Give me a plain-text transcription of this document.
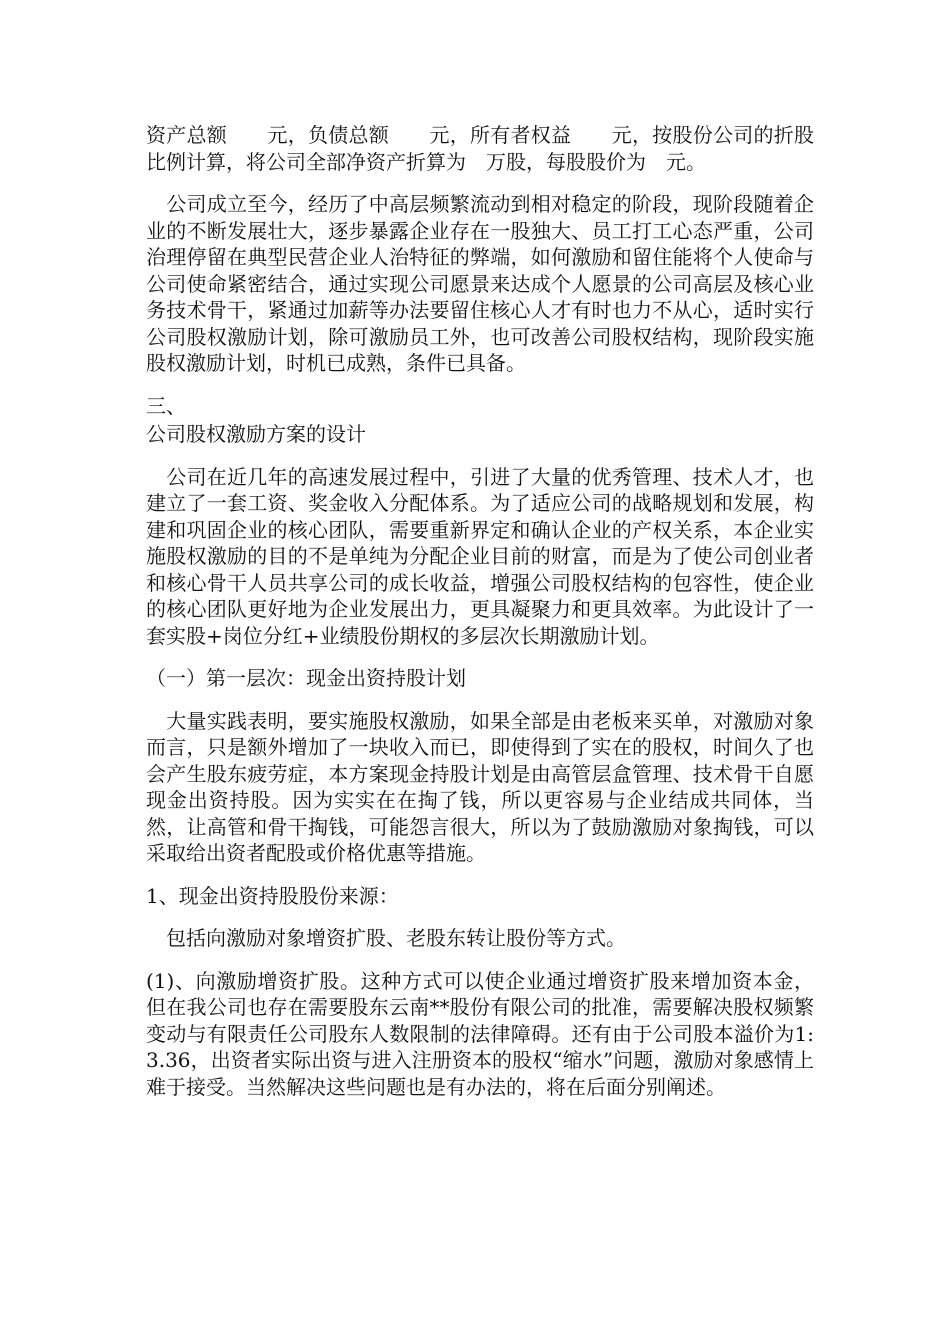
资产总额　　元，负债总额　　元，所有者权益　　元，按股份公司的折股比例计算，将公司全部净资产折算为　万股，每股股价为　元。

　公司成立至今，经历了中高层频繁流动到相对稳定的阶段，现阶段随着企业的不断发展壮大，逐步暴露企业存在一股独大、员工打工心态严重，公司治理停留在典型民营企业人治特征的弊端，如何激励和留住能将个人使命与公司使命紧密结合，通过实现公司愿景来达成个人愿景的公司高层及核心业务技术骨干，紧通过加薪等办法要留住核心人才有时也力不从心，适时实行公司股权激励计划，除可激励员工外，也可改善公司股权结构，现阶段实施股权激励计划，时机已成熟，条件已具备。

三、

公司股权激励方案的设计

　公司在近几年的高速发展过程中，引进了大量的优秀管理、技术人才，也建立了一套工资、奖金收入分配体系。为了适应公司的战略规划和发展，构建和巩固企业的核心团队，需要重新界定和确认企业的产权关系，本企业实施股权激励的目的不是单纯为分配企业目前的财富，而是为了使公司创业者和核心骨干人员共享公司的成长收益，增强公司股权结构的包容性，使企业的核心团队更好地为企业发展出力，更具凝聚力和更具效率。为此设计了一套实股+岗位分红+业绩股份期权的多层次长期激励计划。

（一）第一层次：现金出资持股计划

　大量实践表明，要实施股权激励，如果全部是由老板来买单，对激励对象而言，只是额外增加了一块收入而已，即使得到了实在的股权，时间久了也会产生股东疲劳症，本方案现金持股计划是由高管层盒管理、技术骨干自愿现金出资持股。因为实实在在掏了钱，所以更容易与企业结成共同体，当然，让高管和骨干掏钱，可能怨言很大，所以为了鼓励激励对象掏钱，可以采取给出资者配股或价格优惠等措施。

1、现金出资持股股份来源：

　包括向激励对象增资扩股、老股东转让股份等方式。

(1)、向激励增资扩股。这种方式可以使企业通过增资扩股来增加资本金，但在我公司也存在需要股东云南**股份有限公司的批准，需要解决股权频繁变动与有限责任公司股东人数限制的法律障碍。还有由于公司股本溢价为1: 3.36，出资者实际出资与进入注册资本的股权“缩水”问题，激励对象感情上难于接受。当然解决这些问题也是有办法的，将在后面分别阐述。
